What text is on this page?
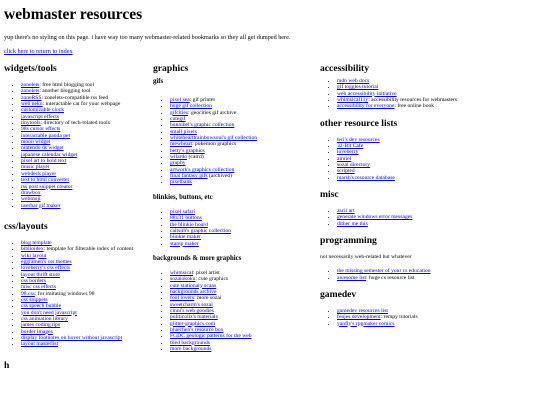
webmaster resources

yup there's no styling on this page. i have way too many webmaster-related bookmarks so they all get dumped here.

click here to return to index
widgets/tools
• zonelets: free html blogging tool
• zonelets: another blogging tool
• zoneRSS: zonelets-compatible rss feed
• web neko: interactable cat for your webpage
• customizable clock
• javascript effects
• tinytools: directory of tech-related tools
• 98s cursor effects
• interactable panda pet
• moon widget
• nintendo ds widget
• japanese calendar widget
• pixel art to bold text
• music player
• webdeck player
• text to html converter
• rss post snippet creator
• drawbox
• webmoji
• userbar gif maker
css/layouts
• blog template
• biblioidex: template for filterable index of content
• wiki layout
• eggramen's css themes
• loveberry's css effects
• layout thrift store
• css borders
• misc css effects
• 98.css: for imitating windows 98
• css snippets
• css speech bubble
• you don't need javascript
• css animation library
• james coding tips
• border images
• display footnotes on hover without javascript
• layout masterlist
h
graphics
gifs
• pixel sea: gif printer
• huge gif collection
• gifcities: geocities gif archive
• cutegif
• bonnibel's graphic collection
• small pixels
• whitehearttrainbowsoul's gif collection
• mewheart: pokemon graphics
• betty's graphics
• wilardo (carrd)
• graphy
• artwork's graphics collection
• final fantasy gifs (archived)
• pixelbank
blinkies, buttons, etc
• pixel safari
• 88x31 buttons
• the blinkie hoard
• caitsith's graphic collection
• blinkie maker
• stamp maker
backgrounds & more graphics
• whimsical: pixel artist
• sozaiokoku: cute graphics
• cute stationary scans
• backgrounds archive
• fool lovers: more sozai
• sweetcharm's sozai
• cinni's web goodies
• politicoliz's materials
• glitter-graphics.com
• bluechen's resource box
• FGDC geologic patterns for the web
• tiled backgrounds
• more backgrounds
accessibility
• mdn web docs
• gif toggles tutorial
• web accessibility initiative
• whimsical11y: accessibility resources for webmasters
• accessibility for everyone: free online book
other resource lists
• teri's dev resources
• 32-Bit Cafe
• loveberry
• amriel
• sozai directory
• scripted
• marsh's resource database
misc
• ascii art
• generate windows error messages
• dither me this
programming

not necessarily web-related but whatever

• the missing semester of your cs education
• awesome list: huge cs resource list
gamedev
• gamedev resources list
• fenjes development: rempy tutorials
• yanfly's rpgmaker comics
